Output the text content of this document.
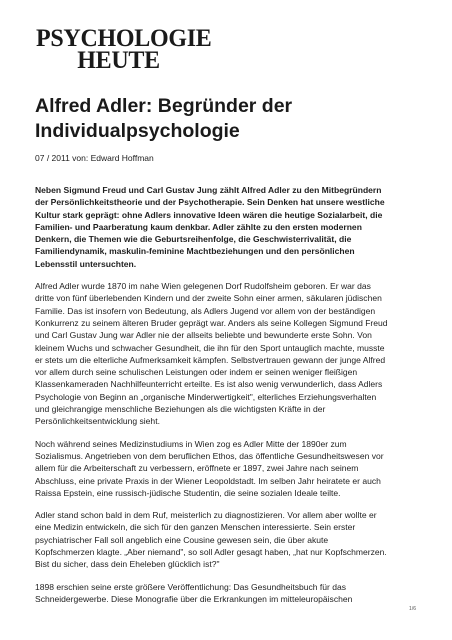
PSYCHOLOGIE
HEUTE
Alfred Adler: Begründer der Individualpsychologie
07 / 2011 von: Edward Hoffman
Neben Sigmund Freud und Carl Gustav Jung zählt Alfred Adler zu den Mitbegründern
der Persönlichkeitstheorie und der Psychotherapie. Sein Denken hat unsere westliche
Kultur stark geprägt: ohne Adlers innovative Ideen wären die heutige Sozialarbeit, die
Familien- und Paarberatung kaum denkbar. Adler zählte zu den ersten modernen
Denkern, die Themen wie die Geburtsreihenfolge, die Geschwisterrivalität, die
Familiendynamik, maskulin-feminine Machtbeziehungen und den persönlichen
Lebensstil untersuchten.
Alfred Adler wurde 1870 im nahe Wien gelegenen Dorf Rudolfsheim geboren. Er war das
dritte von fünf überlebenden Kindern und der zweite Sohn einer armen, säkularen jüdischen
Familie. Das ist insofern von Bedeutung, als Adlers Jugend vor allem von der beständigen
Konkurrenz zu seinem älteren Bruder geprägt war. Anders als seine Kollegen Sigmund Freud
und Carl Gustav Jung war Adler nie der allseits beliebte und bewunderte erste Sohn. Von
kleinem Wuchs und schwacher Gesundheit, die ihn für den Sport untauglich machte, musste
er stets um die elterliche Aufmerksamkeit kämpfen. Selbstvertrauen gewann der junge Alfred
vor allem durch seine schulischen Leistungen oder indem er seinen weniger fleißigen
Klassenkameraden Nachhilfeunterricht erteilte. Es ist also wenig verwunderlich, dass Adlers
Psychologie von Beginn an „organische Minderwertigkeit", elterliches Erziehungsverhalten
und gleichrangige menschliche Beziehungen als die wichtigsten Kräfte in der
Persönlichkeitsentwicklung sieht.
Noch während seines Medizinstudiums in Wien zog es Adler Mitte der 1890er zum
Sozialismus. Angetrieben von dem beruflichen Ethos, das öffentliche Gesundheitswesen vor
allem für die Arbeiterschaft zu verbessern, eröffnete er 1897, zwei Jahre nach seinem
Abschluss, eine private Praxis in der Wiener Leopoldstadt. Im selben Jahr heiratete er auch
Raissa Epstein, eine russisch-jüdische Studentin, die seine sozialen Ideale teilte.
Adler stand schon bald in dem Ruf, meisterlich zu diagnostizieren. Vor allem aber wollte er
eine Medizin entwickeln, die sich für den ganzen Menschen interessierte. Sein erster
psychiatrischer Fall soll angeblich eine Cousine gewesen sein, die über akute
Kopfschmerzen klagte. „Aber niemand", so soll Adler gesagt haben, „hat nur Kopfschmerzen.
Bist du sicher, dass dein Eheleben glücklich ist?"
1898 erschien seine erste größere Veröffentlichung: Das Gesundheitsbuch für das
Schneidergewerbe. Diese Monografie über die Erkrankungen im mitteleuropäischen
1/6
